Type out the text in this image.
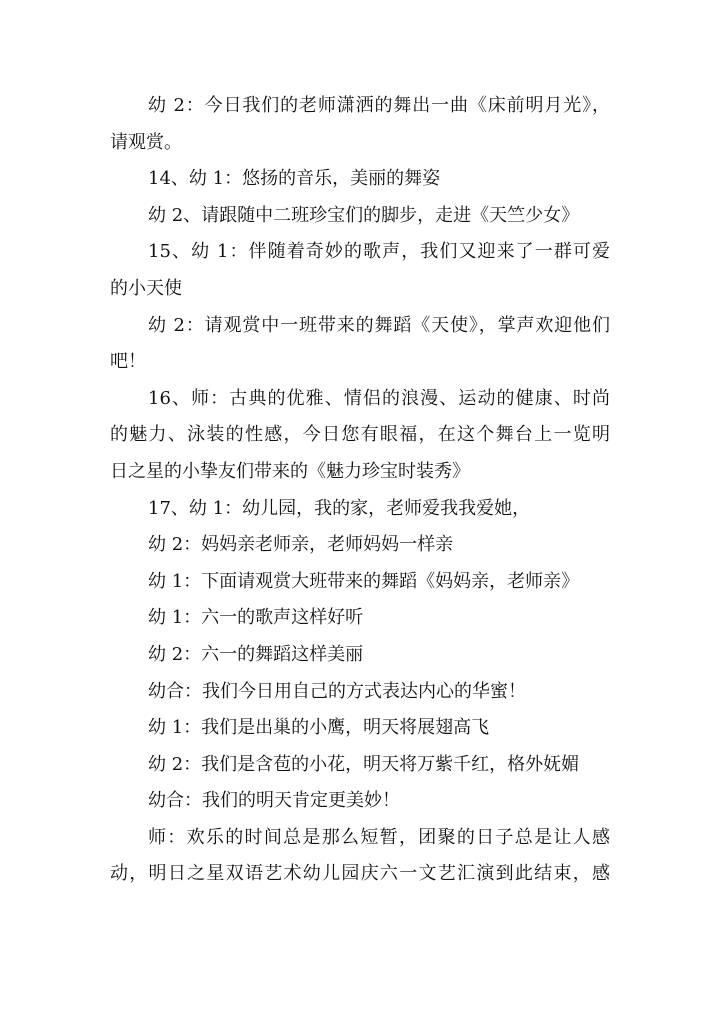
幼 2：今日我们的老师潇洒的舞出一曲《床前明月光》，
请观赏。
14、幼 1：悠扬的音乐，美丽的舞姿
幼 2、请跟随中二班珍宝们的脚步，走进《天竺少女》
15、幼 1：伴随着奇妙的歌声，我们又迎来了一群可爱
的小天使
幼 2：请观赏中一班带来的舞蹈《天使》，掌声欢迎他们
吧！
16、师：古典的优雅、情侣的浪漫、运动的健康、时尚
的魅力、泳装的性感，今日您有眼福，在这个舞台上一览明
日之星的小挚友们带来的《魅力珍宝时装秀》
17、幼 1：幼儿园，我的家，老师爱我我爱她，
幼 2：妈妈亲老师亲，老师妈妈一样亲
幼 1：下面请观赏大班带来的舞蹈《妈妈亲，老师亲》
幼 1：六一的歌声这样好听
幼 2：六一的舞蹈这样美丽
幼合：我们今日用自己的方式表达内心的华蜜！
幼 1：我们是出巢的小鹰，明天将展翅高飞
幼 2：我们是含苞的小花，明天将万紫千红，格外妩媚
幼合：我们的明天肯定更美妙！
师：欢乐的时间总是那么短暂，团聚的日子总是让人感
动，明日之星双语艺术幼儿园庆六一文艺汇演到此结束，感
